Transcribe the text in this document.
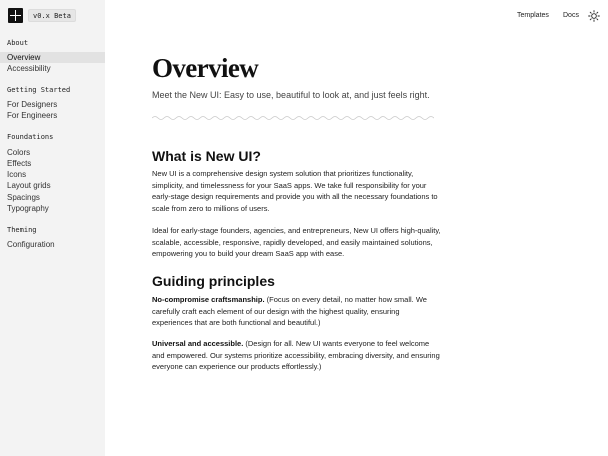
v0.x Beta
About
Overview
Accessibility
Getting Started
For Designers
For Engineers
Foundations
Colors
Effects
Icons
Layout grids
Spacings
Typography
Theming
Configuration
Templates Docs
Overview

Meet the New UI: Easy to use, beautiful to look at, and just feels right.

What is New UI?

New UI is a comprehensive design system solution that prioritizes functionality, simplicity, and timelessness for your SaaS apps. We take full responsibility for your early-stage design requirements and provide you with all the necessary foundations to scale from zero to millions of users.

Ideal for early-stage founders, agencies, and entrepreneurs, New UI offers high-quality, scalable, accessible, responsive, rapidly developed, and easily maintained solutions, empowering you to build your dream SaaS app with ease.

Guiding principles

No-compromise craftsmanship. (Focus on every detail, no matter how small. We carefully craft each element of our design with the highest quality, ensuring experiences that are both functional and beautiful.)

Universal and accessible. (Design for all. New UI wants everyone to feel welcome and empowered. Our systems prioritize accessibility, embracing diversity, and ensuring everyone can experience our products effortlessly.)
